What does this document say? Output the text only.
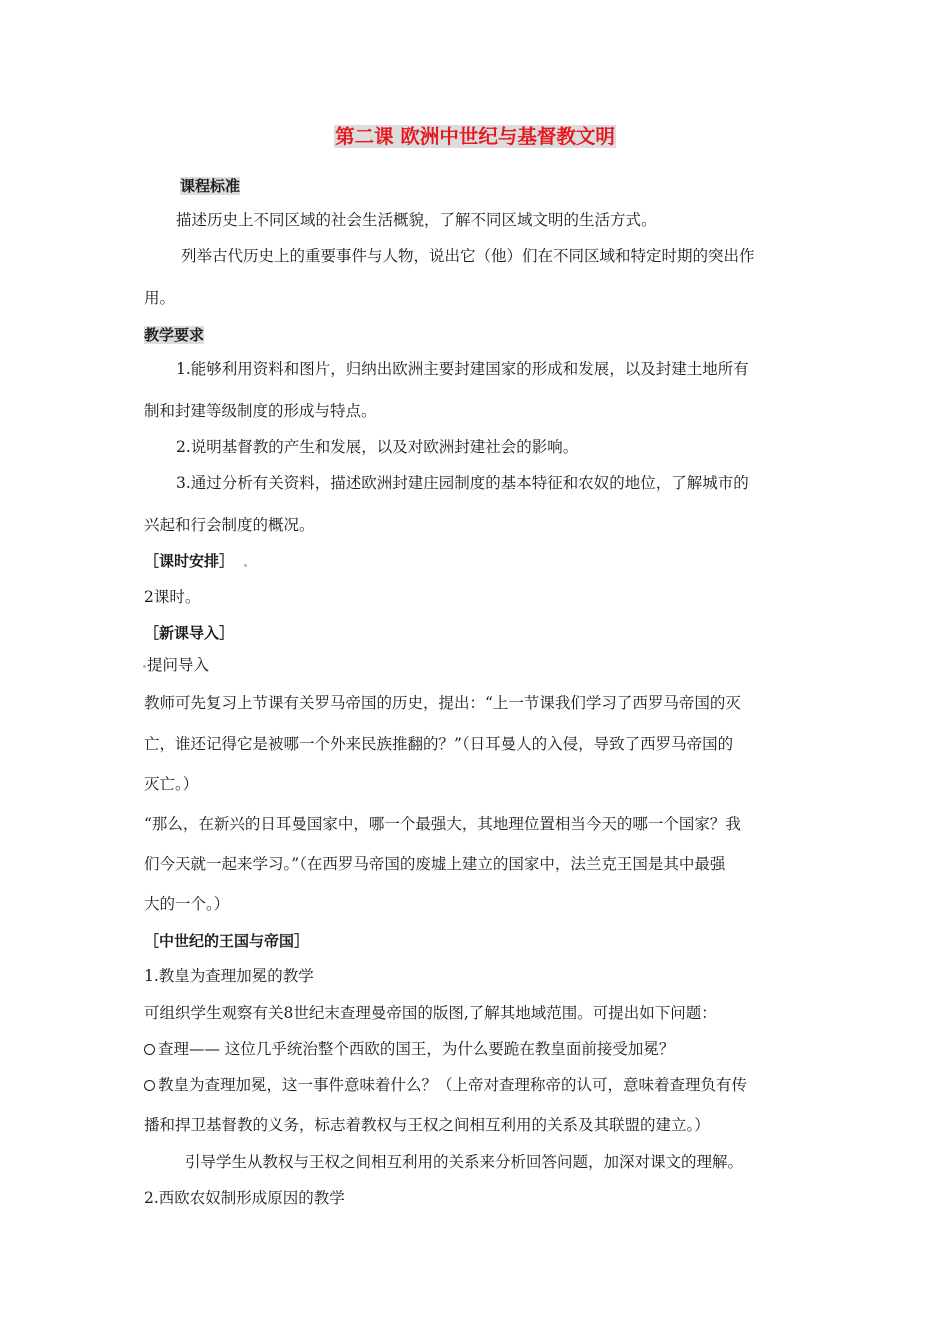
第二课 欧洲中世纪与基督教文明
课程标准
描述历史上不同区域的社会生活概貌，了解不同区域文明的生活方式。
列举古代历史上的重要事件与人物，说出它（他）们在不同区域和特定时期的突出作
用。
教学要求
1.能够利用资料和图片，归纳出欧洲主要封建国家的形成和发展，以及封建土地所有
制和封建等级制度的形成与特点。
2.说明基督教的产生和发展，以及对欧洲封建社会的影响。
3.通过分析有关资料，描述欧洲封建庄园制度的基本特征和农奴的地位，了解城市的
兴起和行会制度的概况。
［课时安排］
2课时。
［新课导入］
提问导入
教师可先复习上节课有关罗马帝国的历史，提出：“上一节课我们学习了西罗马帝国的灭
亡，谁还记得它是被哪一个外来民族推翻的？”（日耳曼人的入侵，导致了西罗马帝国的
灭亡。）
“那么，在新兴的日耳曼国家中，哪一个最强大，其地理位置相当今天的哪一个国家？我
们今天就一起来学习。”（在西罗马帝国的废墟上建立的国家中，法兰克王国是其中最强
大的一个。）
［中世纪的王国与帝国］
1.教皇为查理加冕的教学
可组织学生观察有关8世纪末查理曼帝国的版图,了解其地域范围。可提出如下问题：
查理—— 这位几乎统治整个西欧的国王，为什么要跪在教皇面前接受加冕？
教皇为查理加冕，这一事件意味着什么？（上帝对查理称帝的认可，意味着查理负有传
播和捍卫基督教的义务，标志着教权与王权之间相互利用的关系及其联盟的建立。）
引导学生从教权与王权之间相互利用的关系来分析回答问题，加深对课文的理解。
2.西欧农奴制形成原因的教学
